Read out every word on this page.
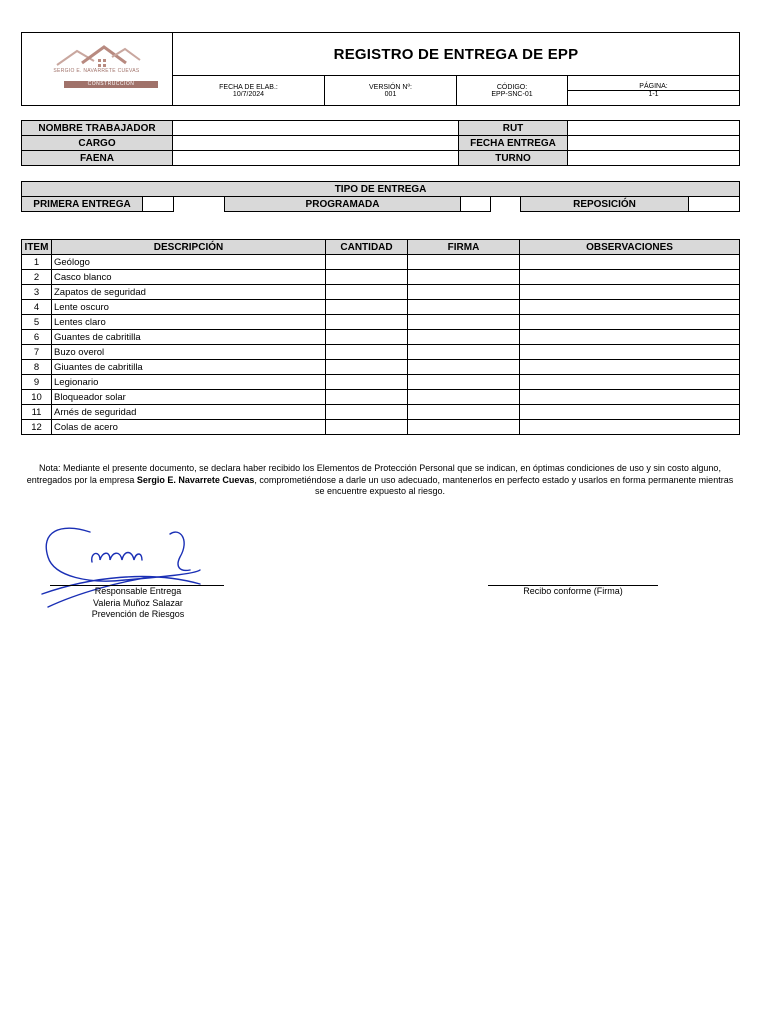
SERGIO E. NAVARRETE CUEVAS
CONSTRUCCIÓN	REGISTRO DE ENTREGA DE EPP			
	FECHA DE ELAB.:	VERSIÓN Nº:	CÓDIGO:	PÁGINA:
	10/7/2024	001	EPP-SNC-01	1-1
NOMBRE TRABAJADOR		RUT	
CARGO		FECHA ENTREGA	
FAENA		TURNO	
TIPO DE ENTREGA
PRIMERA ENTREGA			PROGRAMADA			REPOSICIÓN	
ITEM	DESCRIPCIÓN	CANTIDAD	FIRMA	OBSERVACIONES
1	Geólogo			
2	Casco blanco			
3	Zapatos de seguridad			
4	Lente oscuro			
5	Lentes claro			
6	Guantes de cabritilla			
7	Buzo overol			
8	Giuantes de cabritilla			
9	Legionario			
10	Bloqueador solar			
11	Arnés de seguridad			
12	Colas de acero			
Nota: Mediante el presente documento, se declara haber recibido los Elementos de Protección Personal que se indican, en óptimas condiciones de uso y sin costo alguno, entregados por la empresa Sergio E. Navarrete Cuevas, comprometiéndose a darle un uso adecuado, mantenerlos en perfecto estado y usarlos en forma permanente mientras se encuentre expuesto al riesgo.
Responsable Entrega
Valeria Muñoz Salazar
Prevención de Riesgos
Recibo conforme (Firma)
